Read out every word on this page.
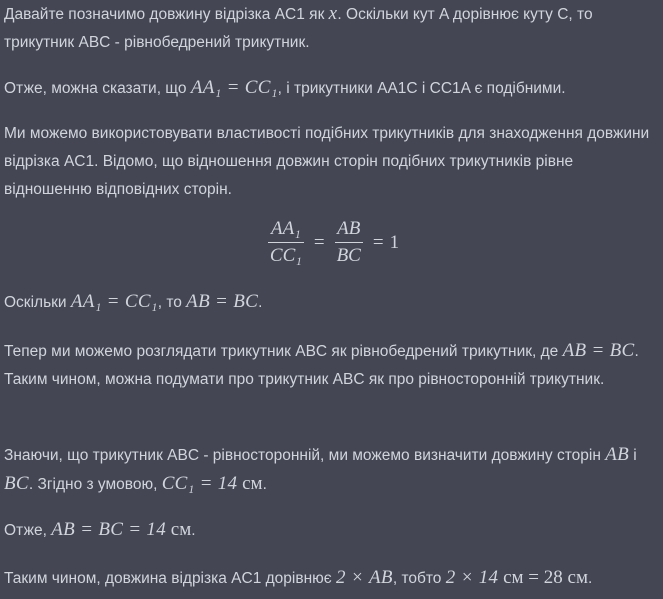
Давайте позначимо довжину відрізка AC1 як x. Оскільки кут A дорівнює куту C, то трикутник ABC - рівнобедрений трикутник.

Отже, можна сказати, що AA₁ = CC₁, і трикутники AA1C і CC1A є подібними.

Ми можемо використовувати властивості подібних трикутників для знаходження довжини відрізка AC1. Відомо, що відношення довжин сторін подібних трикутників рівне відношенню відповідних сторін.

$\frac{\text{AA₁}}{\text{CC₁}} = \frac{AB}{BC} = 1$

Оскільки AA₁ = CC₁, то AB = BC.

Тепер ми можемо розглядати трикутник ABC як рівнобедрений трикутник, де AB = BC. Таким чином, можна подумати про трикутник ABC як про рівносторонній трикутник.

Знаючи, що трикутник ABC - рівносторонній, ми можемо визначити довжину сторін AB і BC. Згідно з умовою, CC₁ = 14 см.

Отже, AB = BC = 14 см.

Таким чином, довжина відрізка AC1 дорівнює 2 × AB, тобто 2 × 14 см = 28 см.
